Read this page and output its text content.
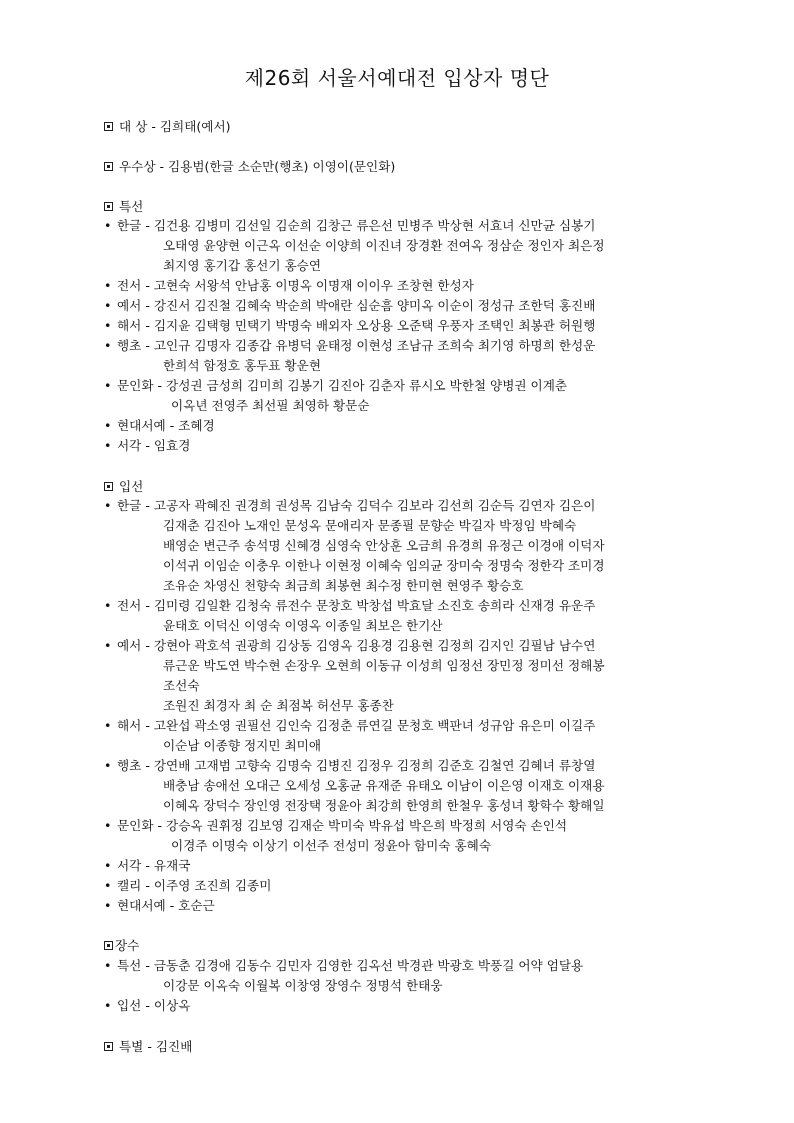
제26회 서울서예대전 입상자 명단
대 상 - 김희태(예서)
우수상 - 김용범(한글 소순만(행초) 이영이(문인화)
특선
• 한글 - 김건용 김병미 김선일 김순희 김창근 류은선 민병주 박상현 서효녀 신만균 심봉기
오태영 윤양현 이근옥 이선순 이양희 이진녀 장경환 전여옥 정삼순 정인자 최은정
최지영 홍기갑 홍선기 홍승연
• 전서 - 고현숙 서왕석 안남홍 이명옥 이명재 이이우 조창현 한성자
• 예서 - 강진서 김진철 김혜숙 박순희 박애란 심순흠 양미옥 이순이 정성규 조한덕 홍진배
• 해서 - 김지윤 김택형 민택기 박명숙 배외자 오상용 오준택 우풍자 조택인 최봉관 허원행
• 행초 - 고인규 김명자 김종갑 유병덕 윤태정 이현성 조남규 조희숙 최기영 하명희 한성운
한희석 함정호 홍두표 황운현
• 문인화 - 강성권 금성희 김미희 김봉기 김진아 김춘자 류시오 박한철 양병권 이계춘
이옥년 전영주 최선필 최영하 황문순
• 현대서예 - 조혜경
• 서각 - 임효경
입선
• 한글 - 고공자 곽혜진 권경희 권성목 김남숙 김덕수 김보라 김선희 김순득 김연자 김은이
김재춘 김진아 노재인 문성옥 문애리자 문종필 문향순 박길자 박정임 박혜숙
배영순 변근주 송석명 신혜경 심영숙 안상훈 오금희 유경희 유정근 이경애 이덕자
이석귀 이임순 이충우 이한나 이현정 이혜숙 임의균 장미숙 정명숙 정한각 조미경
조유순 차영신 천향숙 최금희 최봉현 최수정 한미현 현영주 황승호
• 전서 - 김미령 김일환 김청숙 류전수 문창호 박창섭 박효달 소진호 송희라 신재경 유운주
윤태호 이덕신 이영숙 이영옥 이종일 최보은 한기산
• 예서 - 강현아 곽호석 권광희 김상동 김영옥 김용경 김용현 김정희 김지인 김필남 남수연
류근운 박도연 박수현 손장우 오현희 이동규 이성희 임정선 장민정 정미선 정해봉
조선숙
조원진 최경자 최 순 최점복 허선무 홍종찬
• 해서 - 고완섭 곽소영 권필선 김인숙 김정춘 류연길 문청호 백판녀 성규암 유은미 이길주
이순남 이종향 정지민 최미애
• 행초 - 강연배 고재범 고향숙 김명숙 김병진 김정우 김정희 김준호 김철연 김혜녀 류창열
배충남 송애선 오대근 오세성 오홍균 유재준 유태오 이남이 이은영 이재호 이재용
이혜옥 장덕수 장인영 전장택 정윤아 최강희 한영희 한철우 홍성녀 황학수 황해일
• 문인화 - 강승옥 권휘정 김보영 김재순 박미숙 박유섭 박은희 박정희 서영숙 손인석
이경주 이명숙 이상기 이선주 전성미 정윤아 함미숙 홍혜숙
• 서각 - 유재국
• 캘리 - 이주영 조진희 김종미
• 현대서예 - 호순근
장수
• 특선 - 금동춘 김경애 김동수 김민자 김영한 김옥선 박경관 박광호 박풍길 어약 엄달용
이강문 이옥숙 이월복 이창영 장영수 정명석 한태웅
• 입선 - 이상옥
특별 - 김진배
